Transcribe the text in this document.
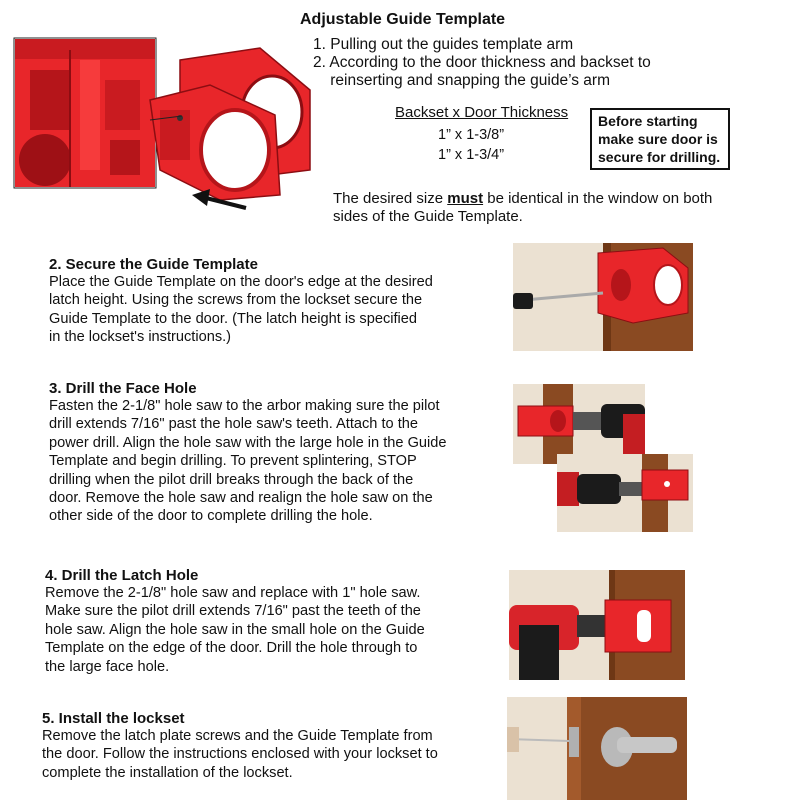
Adjustable Guide Template
1. Pulling out the guides template arm
2. According to the door thickness and backset to
reinserting and snapping the guide’s arm
Backset x Door Thickness
1” x 1-3/8”
1” x 1-3/4”
Before starting
make sure door is
secure for drilling.
The desired size must be identical in the window on both
sides of the Guide Template.
2. Secure the Guide Template
Place the Guide Template on the door's edge at the desired
latch height. Using the screws from the lockset secure the
Guide Template to the door. (The latch height is specified
in the lockset's instructions.)
3. Drill the Face Hole
Fasten the 2-1/8" hole saw to the arbor making sure the pilot
drill extends 7/16" past the hole saw's teeth. Attach to the
power drill. Align the hole saw with the large hole in the Guide
Template and begin drilling. To prevent splintering, STOP
drilling when the pilot drill breaks through the back of the
door. Remove the hole saw and realign the hole saw on the
other side of the door to complete drilling the hole.
4. Drill the Latch Hole
Remove the 2-1/8" hole saw and replace with 1" hole saw.
Make sure the pilot drill extends 7/16" past the teeth of the
hole saw. Align the hole saw in the small hole on the Guide
Template on the edge of the door. Drill the hole through to
the large face hole.
5. Install the lockset
Remove the latch plate screws and the Guide Template from
the door. Follow the instructions enclosed with your lockset to
complete the installation of the lockset.
